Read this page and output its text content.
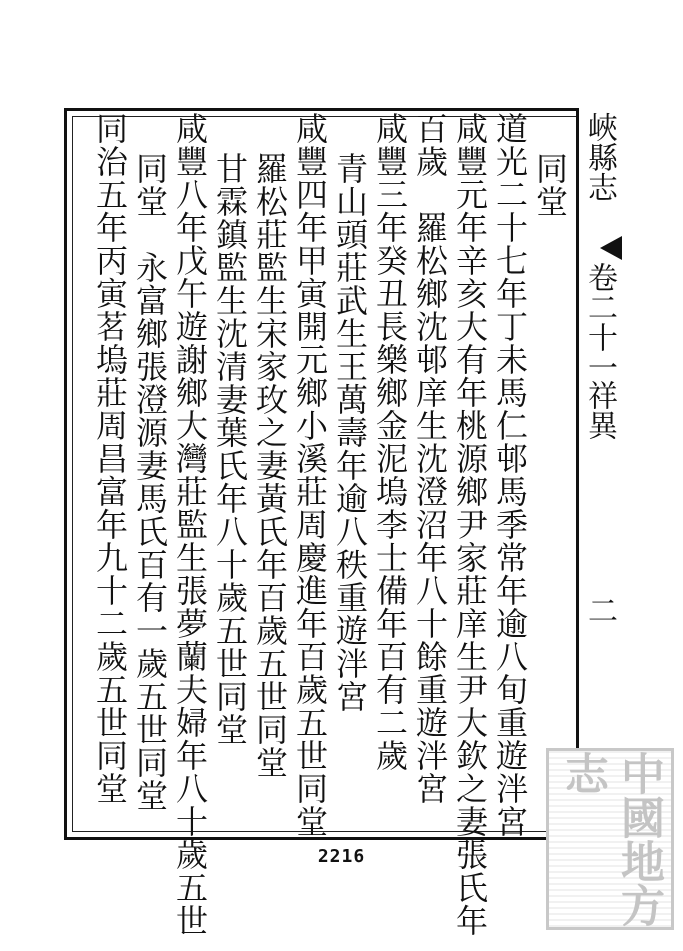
峽縣志
卷二十一
祥異
二
同堂
道光二十七年丁未馬仁邨馬季常年逾八旬重遊泮宮
咸豐元年辛亥大有年桃源鄉尹家莊庠生尹大欽之妻張氏年
百歲　羅松鄉沈邨庠生沈澄沼年八十餘重遊泮宮
咸豐三年癸丑長樂鄉金泥塢李士備年百有二歲
青山頭莊武生王萬壽年逾八秩重遊泮宮
咸豐四年甲寅開元鄉小溪莊周慶進年百歲五世同堂
羅松莊監生宋家玫之妻黃氏年百歲五世同堂
甘霖鎮監生沈清妻葉氏年八十歲五世同堂
咸豐八年戊午遊謝鄉大灣莊監生張夢蘭夫婦年八十歲五世
同堂　永富鄉張澄源妻馬氏百有一歲五世同堂
同治五年丙寅茗塢莊周昌富年九十二歲五世同堂
2216	中國地方志
